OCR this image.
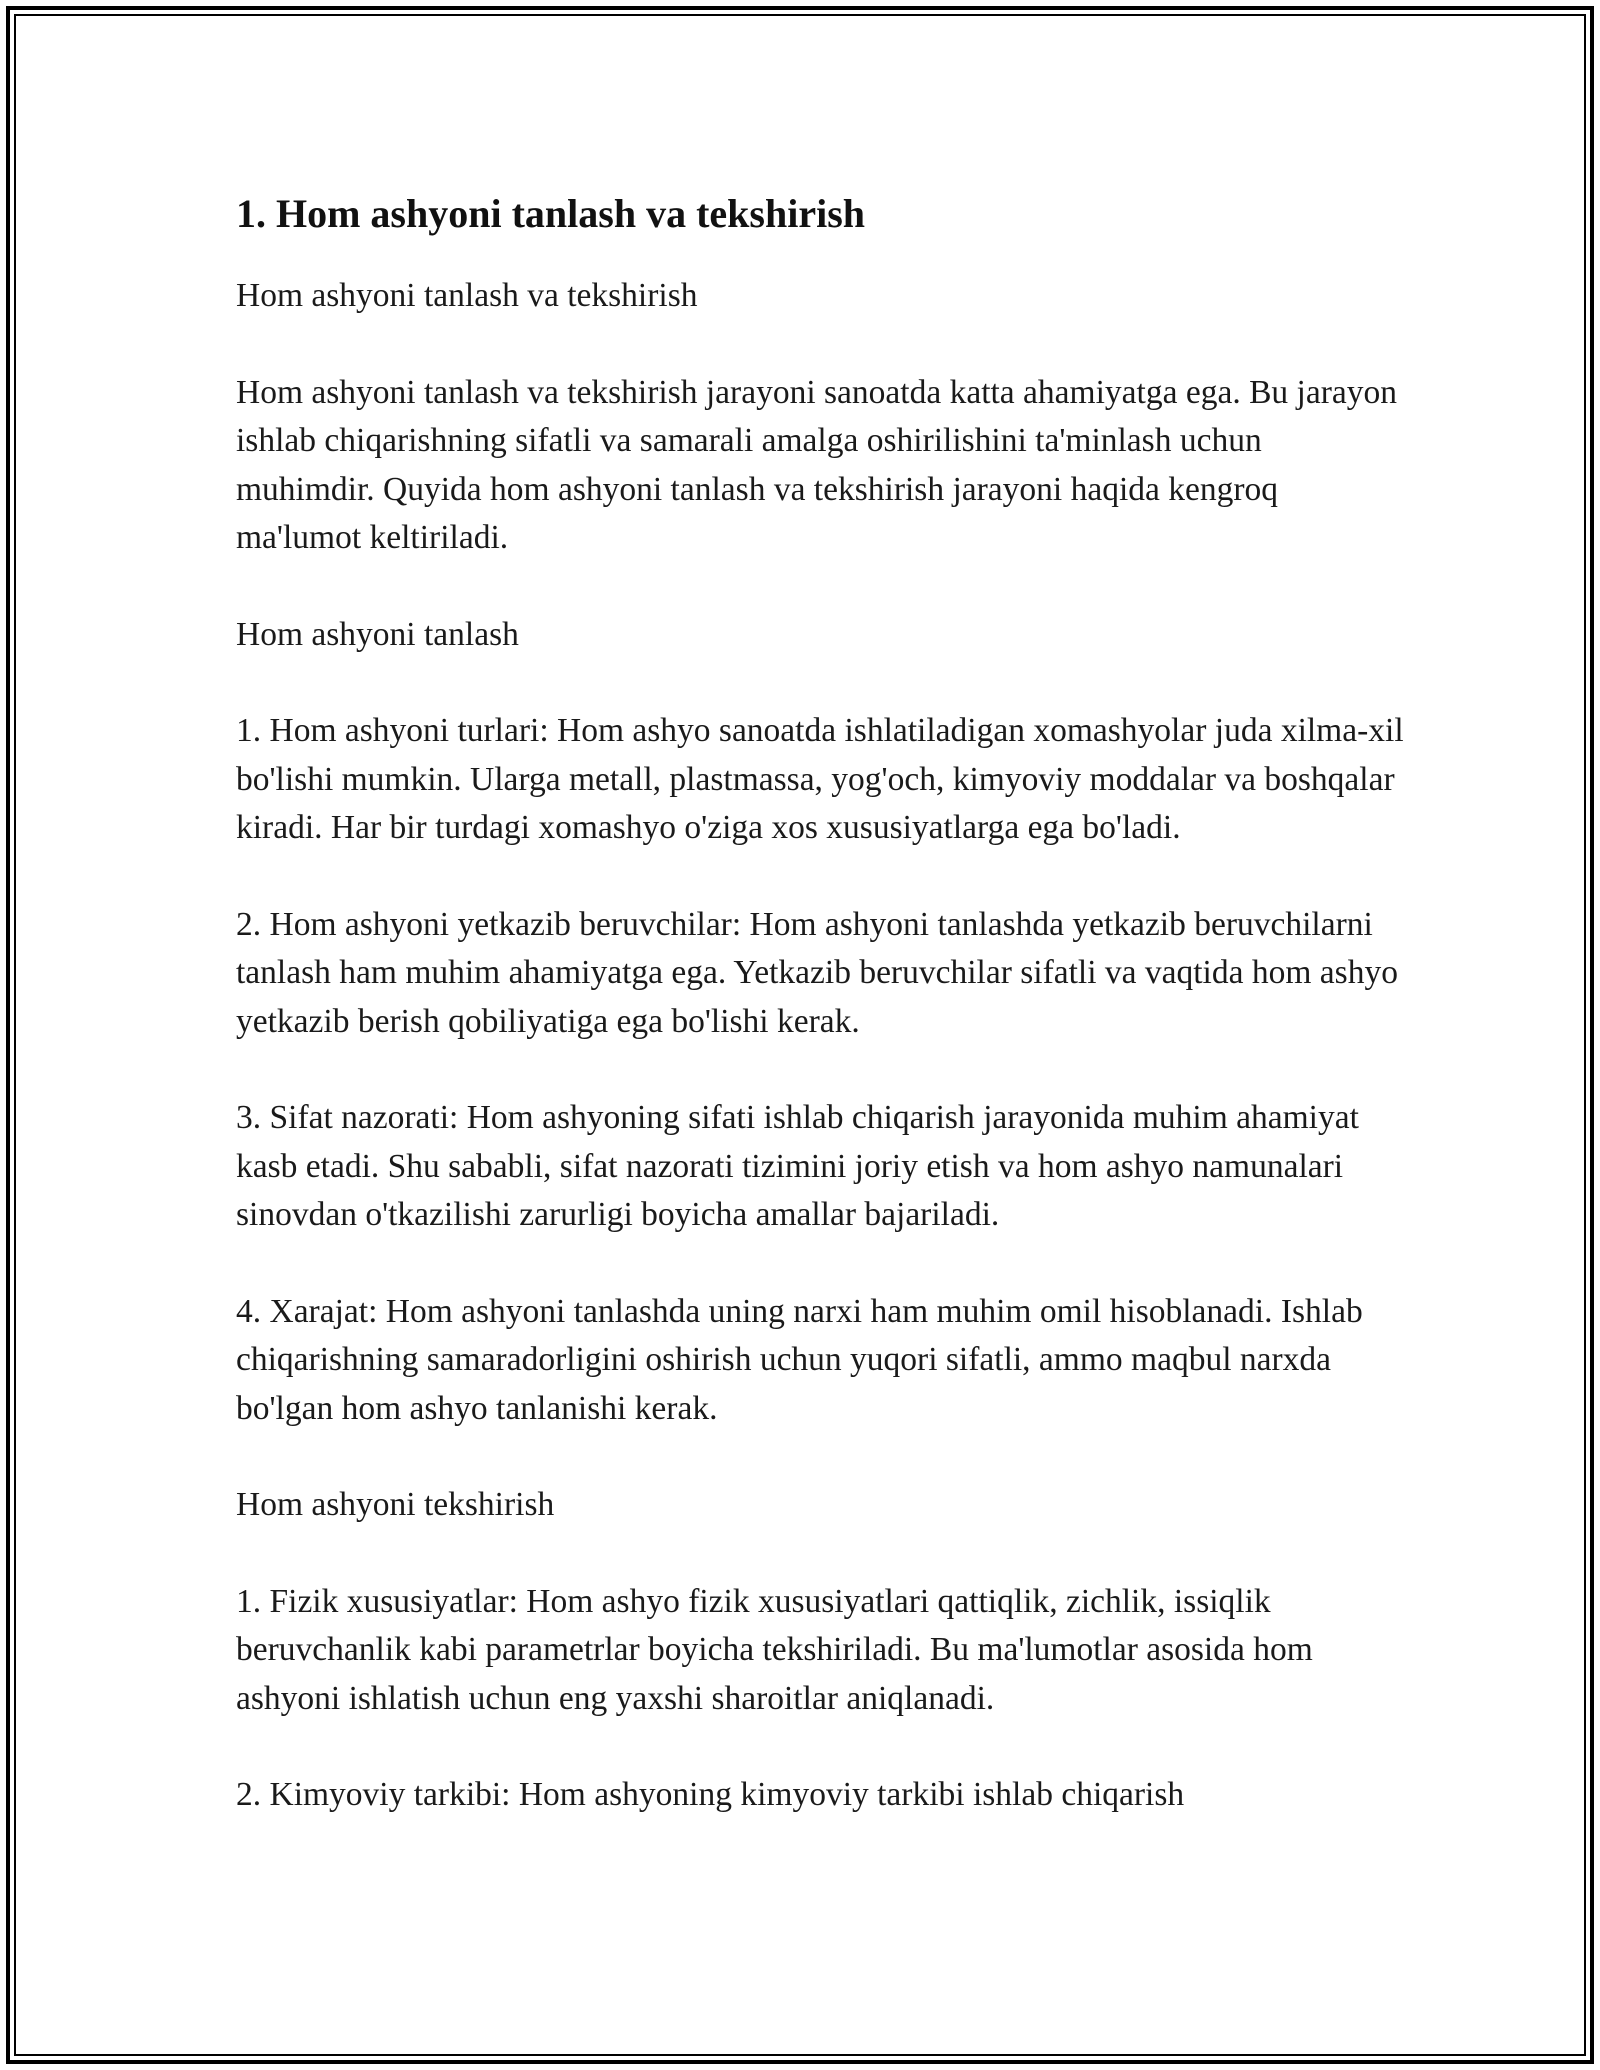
1. Hom ashyoni tanlash va tekshirish

Hom ashyoni tanlash va tekshirish

Hom ashyoni tanlash va tekshirish jarayoni sanoatda katta ahamiyatga ega. Bu jarayon ishlab chiqarishning sifatli va samarali amalga oshirilishini ta'minlash uchun muhimdir. Quyida hom ashyoni tanlash va tekshirish jarayoni haqida kengroq ma'lumot keltiriladi.

Hom ashyoni tanlash

1. Hom ashyoni turlari: Hom ashyo sanoatda ishlatiladigan xomashyolar juda xilma-xil bo'lishi mumkin. Ularga metall, plastmassa, yog'och, kimyoviy moddalar va boshqalar kiradi. Har bir turdagi xomashyo o'ziga xos xususiyatlarga ega bo'ladi.

2. Hom ashyoni yetkazib beruvchilar: Hom ashyoni tanlashda yetkazib beruvchilarni tanlash ham muhim ahamiyatga ega. Yetkazib beruvchilar sifatli va vaqtida hom ashyo yetkazib berish qobiliyatiga ega bo'lishi kerak.

3. Sifat nazorati: Hom ashyoning sifati ishlab chiqarish jarayonida muhim ahamiyat kasb etadi. Shu sababli, sifat nazorati tizimini joriy etish va hom ashyo namunalari sinovdan o'tkazilishi zarurligi boyicha amallar bajariladi.

4. Xarajat: Hom ashyoni tanlashda uning narxi ham muhim omil hisoblanadi. Ishlab chiqarishning samaradorligini oshirish uchun yuqori sifatli, ammo maqbul narxda bo'lgan hom ashyo tanlanishi kerak.

Hom ashyoni tekshirish

1. Fizik xususiyatlar: Hom ashyo fizik xususiyatlari qattiqlik, zichlik, issiqlik beruvchanlik kabi parametrlar boyicha tekshiriladi. Bu ma'lumotlar asosida hom ashyoni ishlatish uchun eng yaxshi sharoitlar aniqlanadi.

2. Kimyoviy tarkibi: Hom ashyoning kimyoviy tarkibi ishlab chiqarish
